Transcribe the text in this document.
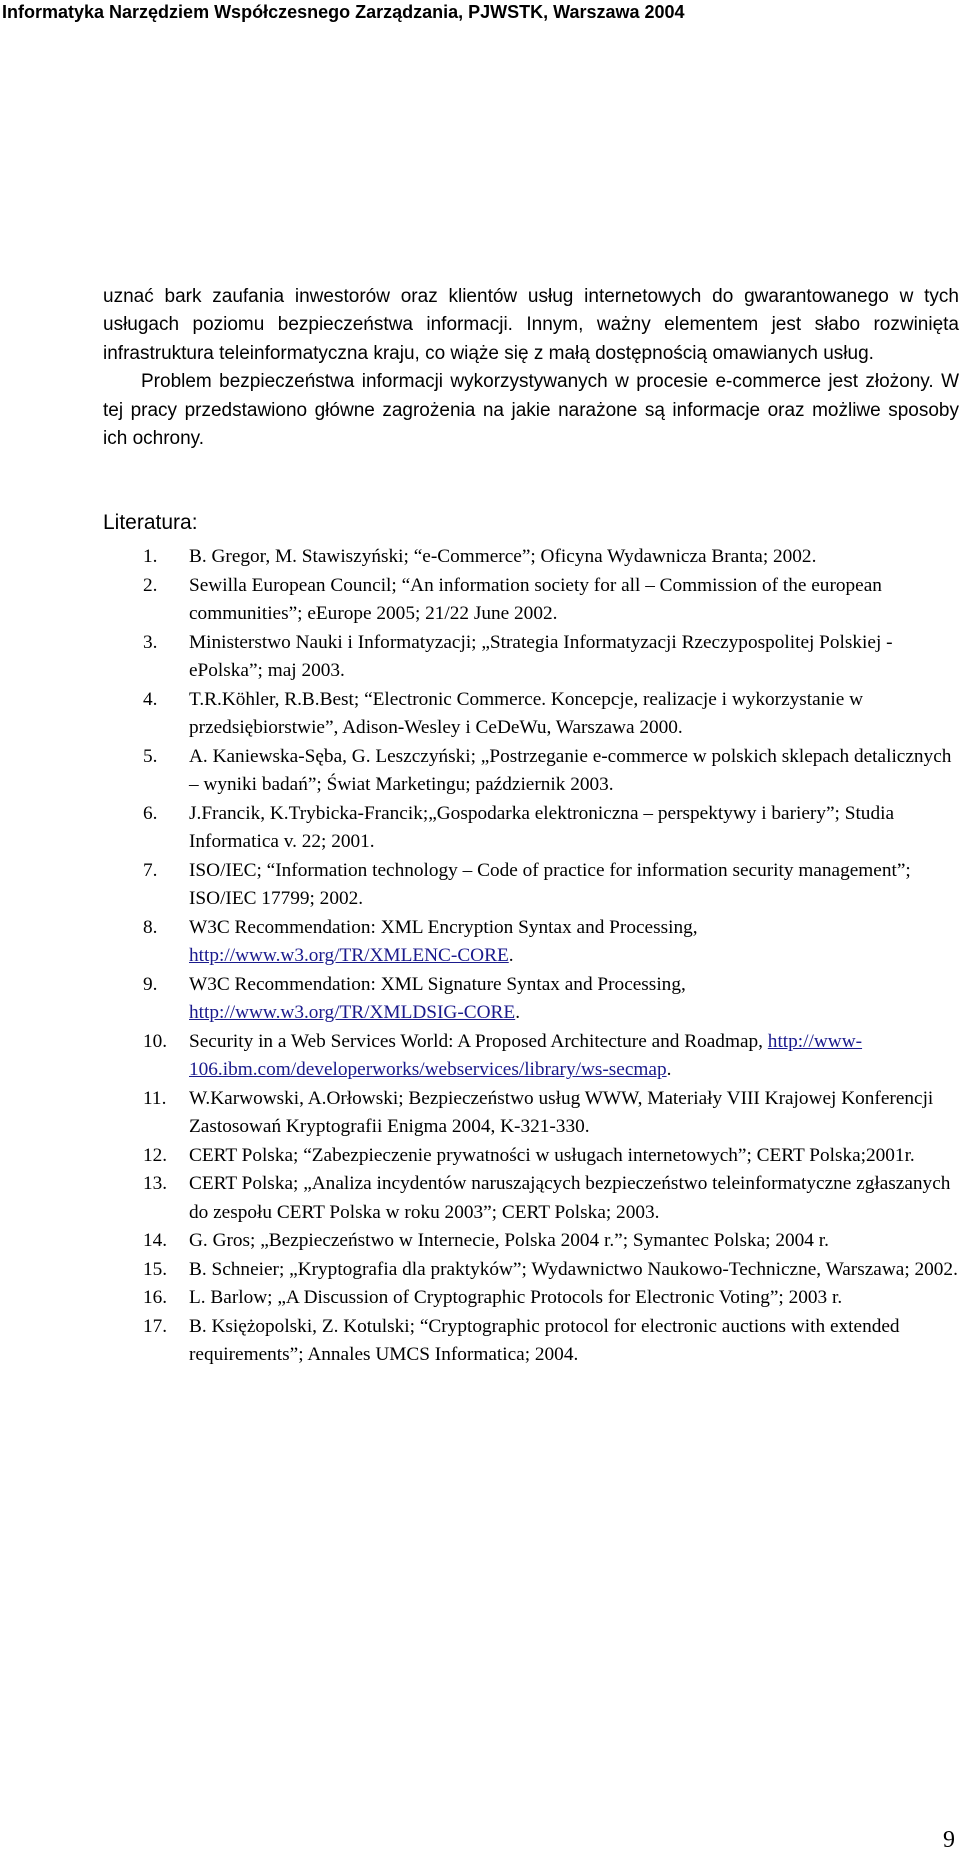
Informatyka Narzędziem Współczesnego Zarządzania, PJWSTK, Warszawa 2004

uznać bark zaufania inwestorów oraz klientów usług internetowych do gwarantowanego w tych usługach poziomu bezpieczeństwa informacji. Innym, ważny elementem jest słabo rozwinięta infrastruktura teleinformatyczna kraju, co wiąże się z małą dostępnością omawianych usług.

Problem bezpieczeństwa informacji wykorzystywanych w procesie e-commerce jest złożony. W tej pracy przedstawiono główne zagrożenia na jakie narażone są informacje oraz możliwe sposoby ich ochrony.

Literatura:
1.	B. Gregor, M. Stawiszyński; “e-Commerce”; Oficyna Wydawnicza Branta; 2002.
2.	Sewilla European Council; “An information society for all – Commission of the european communities”; eEurope 2005; 21/22 June 2002.
3.	Ministerstwo Nauki i Informatyzacji; „Strategia Informatyzacji Rzeczypospolitej Polskiej - ePolska”; maj 2003.
4.	T.R.Köhler, R.B.Best; “Electronic Commerce. Koncepcje, realizacje i wykorzystanie w przedsiębiorstwie”, Adison-Wesley i CeDeWu, Warszawa 2000.
5.	A. Kaniewska-Sęba, G. Leszczyński; „Postrzeganie e-commerce w polskich sklepach detalicznych – wyniki badań”; Świat Marketingu; październik 2003.
6.	J.Francik, K.Trybicka-Francik;„Gospodarka elektroniczna – perspektywy i bariery”; Studia Informatica v. 22; 2001.
7.	ISO/IEC; “Information technology – Code of practice for information security management”; ISO/IEC 17799; 2002.
8.	W3C Recommendation: XML Encryption Syntax and Processing, http://www.w3.org/TR/XMLENC-CORE.
9.	W3C Recommendation: XML Signature Syntax and Processing, http://www.w3.org/TR/XMLDSIG-CORE.
10.	Security in a Web Services World: A Proposed Architecture and Roadmap, http://www-106.ibm.com/developerworks/webservices/library/ws-secmap.
11.	W.Karwowski, A.Orłowski; Bezpieczeństwo usług WWW, Materiały VIII Krajowej Konferencji Zastosowań Kryptografii Enigma 2004, K-321-330.
12.	CERT Polska; “Zabezpieczenie prywatności w usługach internetowych”; CERT Polska;2001r.
13.	CERT Polska; „Analiza incydentów naruszających bezpieczeństwo teleinformatyczne zgłaszanych do zespołu CERT Polska w roku 2003”; CERT Polska; 2003.
14.	G. Gros; „Bezpieczeństwo w Internecie, Polska 2004 r.”; Symantec Polska; 2004 r.
15.	B. Schneier; „Kryptografia dla praktyków”; Wydawnictwo Naukowo-Techniczne, Warszawa; 2002.
16.	L. Barlow; „A Discussion of Cryptographic Protocols for Electronic Voting”; 2003 r.
17.	B. Księżopolski, Z. Kotulski; “Cryptographic protocol for electronic auctions with extended requirements”; Annales UMCS Informatica; 2004.
9
